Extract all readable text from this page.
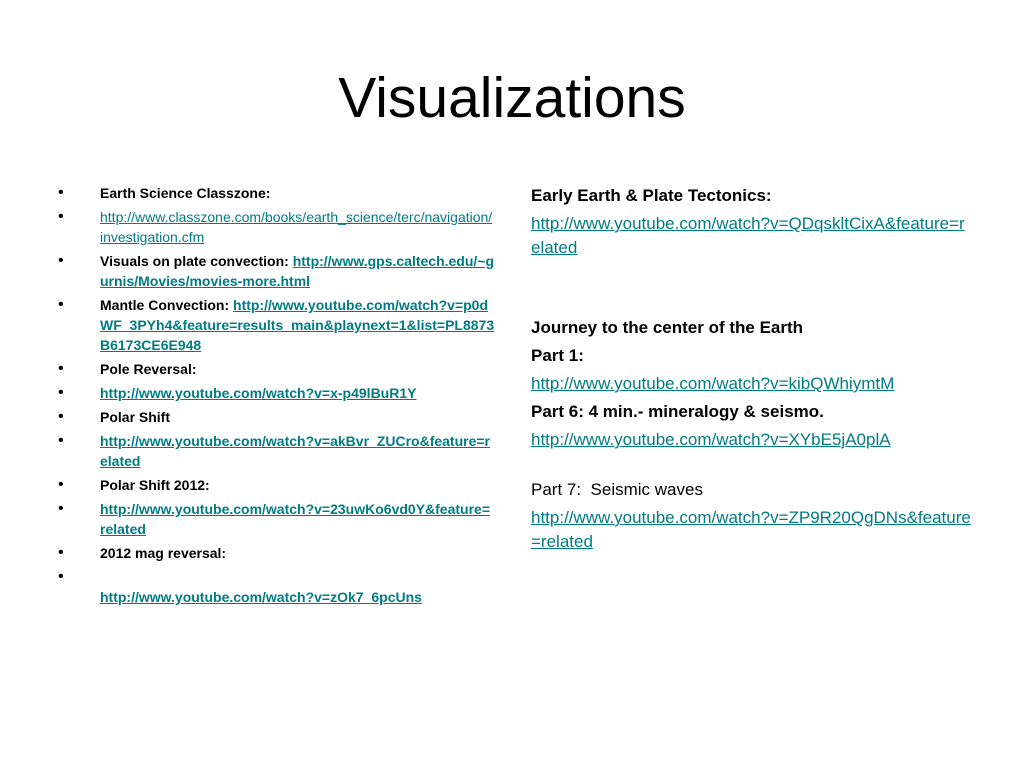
Visualizations
• Earth Science Classzone:
• http://www.classzone.com/books/earth_science/terc/navigation/investigation.cfm
• Visuals on plate convection: http://www.gps.caltech.edu/~gurnis/Movies/movies-more.html
• Mantle Convection: http://www.youtube.com/watch?v=p0dWF_3PYh4&feature=results_main&playnext=1&list=PL8873B6173CE6E948
• Pole Reversal:
• http://www.youtube.com/watch?v=x-p49lBuR1Y
• Polar Shift
• http://www.youtube.com/watch?v=akBvr_ZUCro&feature=related
• Polar Shift 2012:
• http://www.youtube.com/watch?v=23uwKo6vd0Y&feature=related
• 2012 mag reversal:
• http://www.youtube.com/watch?v=zOk7_6pcUns

Early Earth & Plate Tectonics:

http://www.youtube.com/watch?v=QDqskltCixA&feature=related

Journey to the center of the Earth

Part 1:

http://www.youtube.com/watch?v=kibQWhiymtM

Part 6: 4 min.- mineralogy & seismo.

http://www.youtube.com/watch?v=XYbE5jA0plA

Part 7:  Seismic waves

http://www.youtube.com/watch?v=ZP9R20QgDNs&feature=related
